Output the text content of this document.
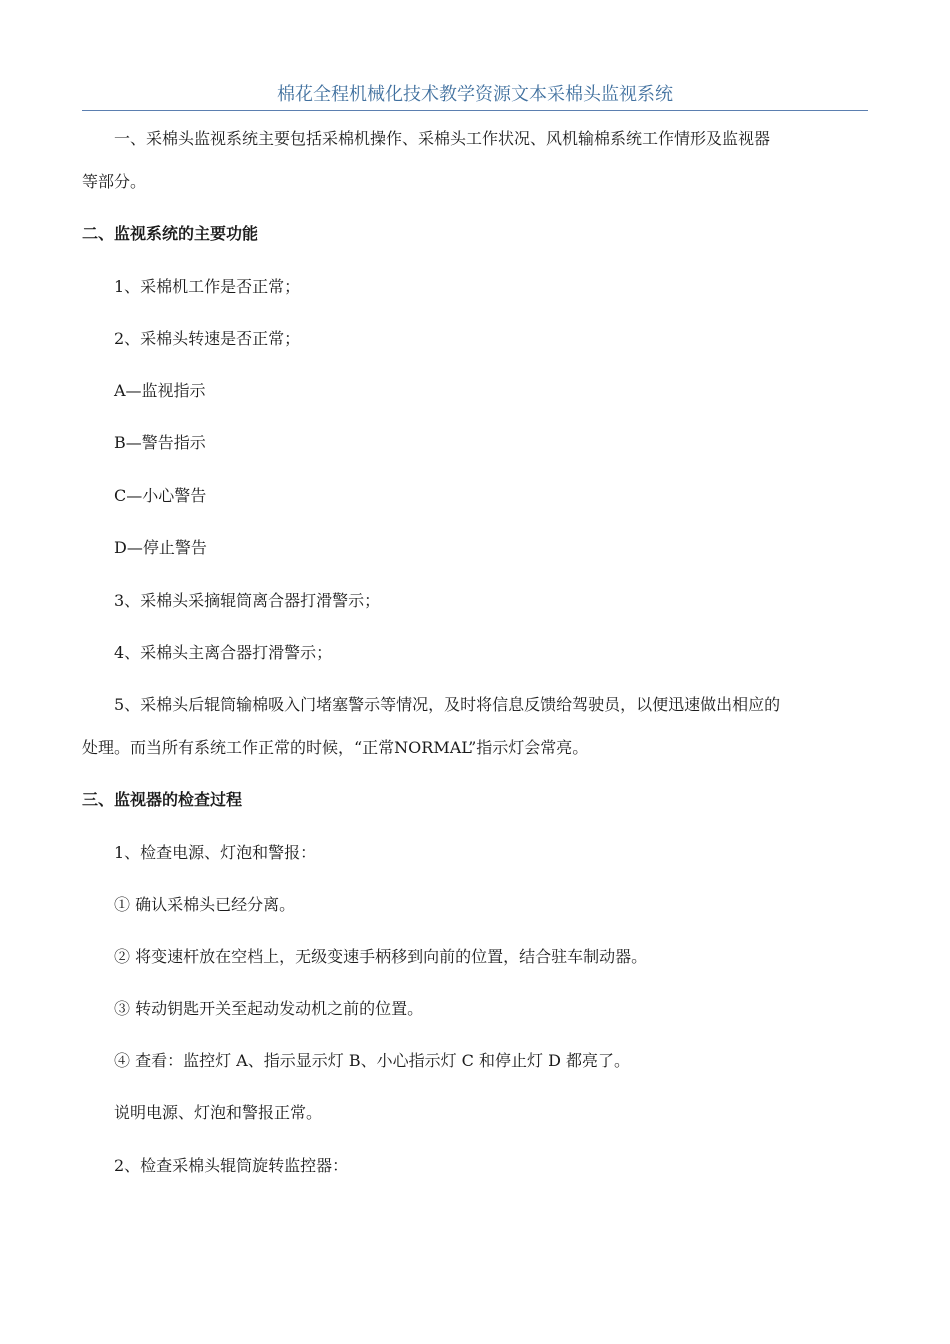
棉花全程机械化技术教学资源文本采棉头监视系统
一、采棉头监视系统主要包括采棉机操作、采棉头工作状况、风机输棉系统工作情形及监视器
等部分。
二、监视系统的主要功能
1、采棉机工作是否正常；
2、采棉头转速是否正常；
A—监视指示
B—警告指示
C—小心警告
D—停止警告
3、采棉头采摘辊筒离合器打滑警示；
4、采棉头主离合器打滑警示；
5、采棉头后辊筒输棉吸入门堵塞警示等情况，及时将信息反馈给驾驶员，以便迅速做出相应的
处理。而当所有系统工作正常的时候，“正常NORMAL”指示灯会常亮。
三、监视器的检查过程
1、检查电源、灯泡和警报：
① 确认采棉头已经分离。
② 将变速杆放在空档上，无级变速手柄移到向前的位置，结合驻车制动器。
③ 转动钥匙开关至起动发动机之前的位置。
④ 查看：监控灯 A、指示显示灯 B、小心指示灯 C 和停止灯 D 都亮了。
说明电源、灯泡和警报正常。
2、检查采棉头辊筒旋转监控器：
